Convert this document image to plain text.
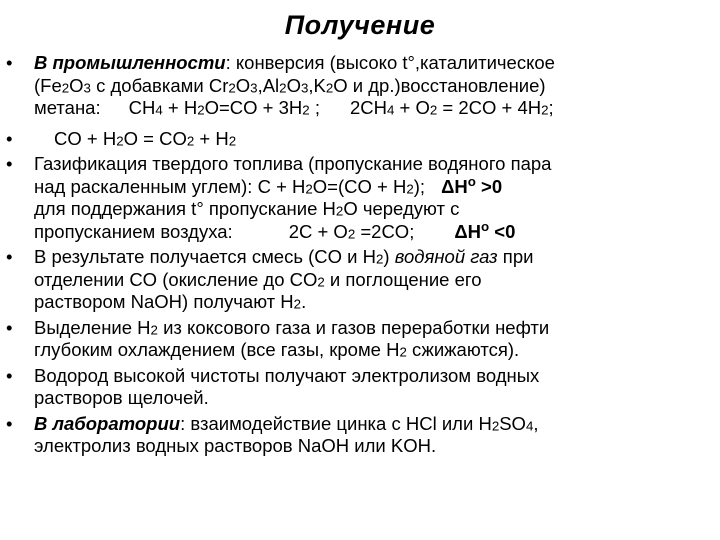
Получение
• В промышленности: конверсия (высоко t°,каталитическое
($Fe_2O_3$ с добавками $Cr_2O_3,Al_2O_3,K_2O$ и др.)восстановление)
метана: $CH_4 + H_2O=CO + 3H_2$ ; $2CH_4 + O_2 = 2CO + 4H_2$;
•	CO + $H_2O = CO_2 + H_2$
• Газификация твердого топлива (пропускание водяного пара
над раскаленным углем): $C + H_2O=(CO + H_2)$; $\Delta H^o >0$
для поддержания t° пропускание $H_2O$ чередуют с
пропусканием воздуха:	$2C + O_2 =2CO$; $\Delta H^o <0$
• В результате получается смесь (CO и $H_2$) водяной газ при
отделении CO (окисление до $CO_2$ и поглощение его
раствором NaOH) получают $H_2$.
• Выделение $H_2$ из коксового газа и газов переработки нефти
глубоким охлаждением (все газы, кроме $H_2$ сжижаются).
• Водород высокой чистоты получают электролизом водных
растворов щелочей.
• В лаборатории: взаимодействие цинка с HCl или $H_2SO_4$,
электролиз водных растворов NaOH или KOH.
